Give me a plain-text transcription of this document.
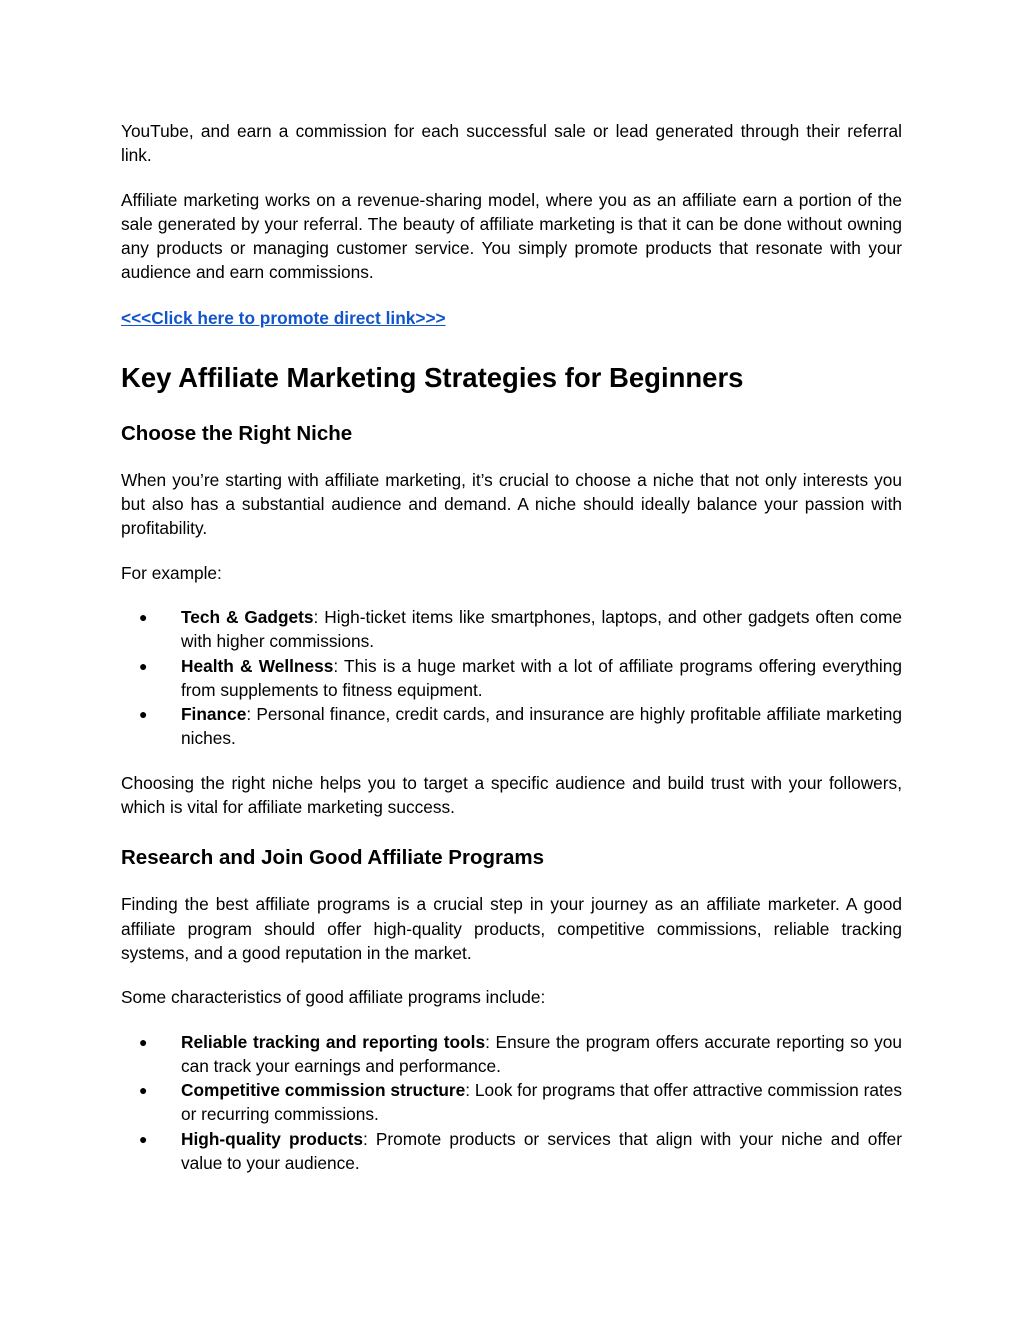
YouTube, and earn a commission for each successful sale or lead generated through their referral link.

Affiliate marketing works on a revenue-sharing model, where you as an affiliate earn a portion of the sale generated by your referral. The beauty of affiliate marketing is that it can be done without owning any products or managing customer service. You simply promote products that resonate with your audience and earn commissions.

<<<Click here to promote direct link>>>
Key Affiliate Marketing Strategies for Beginners
Choose the Right Niche

When you’re starting with affiliate marketing, it’s crucial to choose a niche that not only interests you but also has a substantial audience and demand. A niche should ideally balance your passion with profitability.

For example:

● Tech & Gadgets: High-ticket items like smartphones, laptops, and other gadgets often come with higher commissions.
● Health & Wellness: This is a huge market with a lot of affiliate programs offering everything from supplements to fitness equipment.
● Finance: Personal finance, credit cards, and insurance are highly profitable affiliate marketing niches.

Choosing the right niche helps you to target a specific audience and build trust with your followers, which is vital for affiliate marketing success.

Research and Join Good Affiliate Programs

Finding the best affiliate programs is a crucial step in your journey as an affiliate marketer. A good affiliate program should offer high-quality products, competitive commissions, reliable tracking systems, and a good reputation in the market.

Some characteristics of good affiliate programs include:

● Reliable tracking and reporting tools: Ensure the program offers accurate reporting so you can track your earnings and performance.
● Competitive commission structure: Look for programs that offer attractive commission rates or recurring commissions.
● High-quality products: Promote products or services that align with your niche and offer value to your audience.
